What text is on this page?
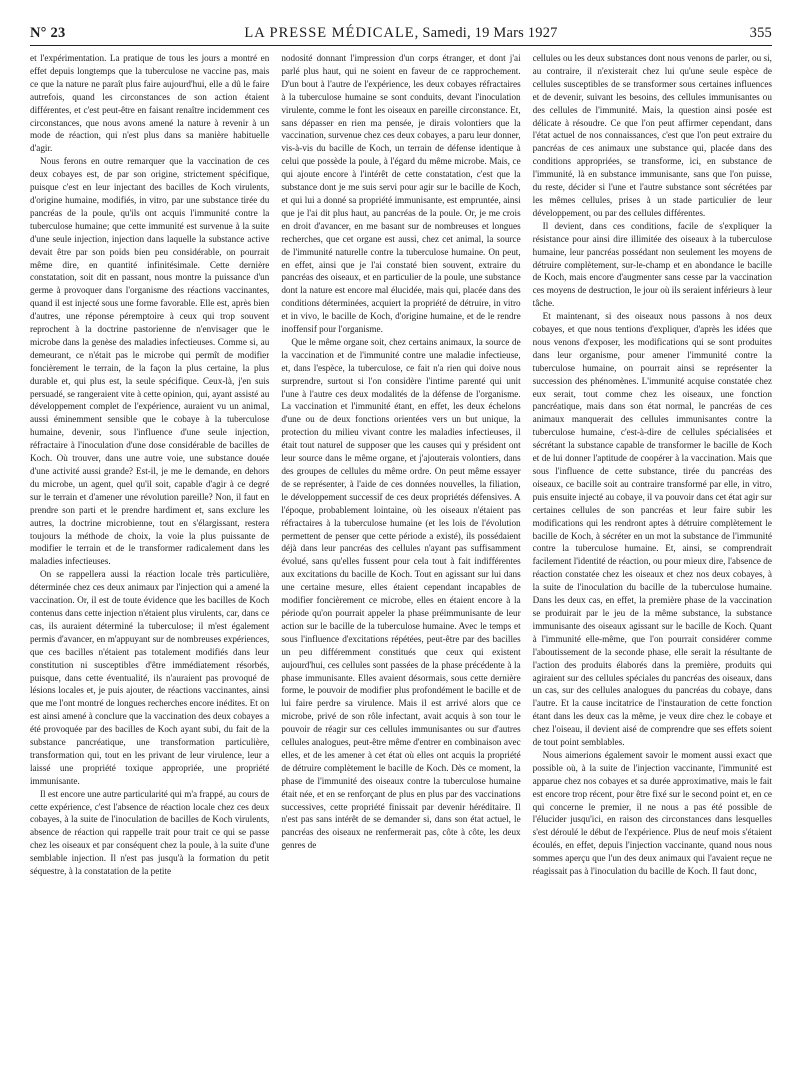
N° 23	LA PRESSE MÉDICALE, Samedi, 19 Mars 1927	355

et l'expérimentation. La pratique de tous les jours a montré en effet depuis longtemps que la tuberculose ne vaccine pas, mais ce que la nature ne paraît plus faire aujourd'hui, elle a dû le faire autrefois, quand les circonstances de son action étaient différentes, et c'est peut-être en faisant renaître incidemment ces circonstances, que nous avons amené la nature à revenir à un mode de réaction, qui n'est plus dans sa manière habituelle d'agir.

Nous ferons en outre remarquer que la vaccination de ces deux cobayes est, de par son origine, strictement spécifique, puisque c'est en leur injectant des bacilles de Koch virulents, d'origine humaine, modifiés, in vitro, par une substance tirée du pancréas de la poule, qu'ils ont acquis l'immunité contre la tuberculose humaine; que cette immunité est survenue à la suite d'une seule injection, injection dans laquelle la substance active devait être par son poids bien peu considérable, on pourrait même dire, en quantité infinitésimale. Cette dernière constatation, soit dit en passant, nous montre la puissance d'un germe à provoquer dans l'organisme des réactions vaccinantes, quand il est injecté sous une forme favorable. Elle est, après bien d'autres, une réponse péremptoire à ceux qui trop souvent reprochent à la doctrine pastorienne de n'envisager que le microbe dans la genèse des maladies infectieuses. Comme si, au demeurant, ce n'était pas le microbe qui permît de modifier foncièrement le terrain, de la façon la plus certaine, la plus durable et, qui plus est, la seule spécifique. Ceux-là, j'en suis persuadé, se rangeraient vite à cette opinion, qui, ayant assisté au développement complet de l'expérience, auraient vu un animal, aussi éminemment sensible que le cobaye à la tuberculose humaine, devenir, sous l'influence d'une seule injection, réfractaire à l'inoculation d'une dose considérable de bacilles de Koch. Où trouver, dans une autre voie, une substance douée d'une activité aussi grande? Est-il, je me le demande, en dehors du microbe, un agent, quel qu'il soit, capable d'agir à ce degré sur le terrain et d'amener une révolution pareille? Non, il faut en prendre son parti et le prendre hardiment et, sans exclure les autres, la doctrine microbienne, tout en s'élargissant, restera toujours la méthode de choix, la voie la plus puissante de modifier le terrain et de le transformer radicalement dans les maladies infectieuses.

On se rappellera aussi la réaction locale très particulière, déterminée chez ces deux animaux par l'injection qui a amené la vaccination. Or, il est de toute évidence que les bacilles de Koch contenus dans cette injection n'étaient plus virulents, car, dans ce cas, ils auraient déterminé la tuberculose; il m'est également permis d'avancer, en m'appuyant sur de nombreuses expériences, que ces bacilles n'étaient pas totalement modifiés dans leur constitution ni susceptibles d'être immédiatement résorbés, puisque, dans cette éventualité, ils n'auraient pas provoqué de lésions locales et, je puis ajouter, de réactions vaccinantes, ainsi que me l'ont montré de longues recherches encore inédites. Et on est ainsi amené à conclure que la vaccination des deux cobayes a été provoquée par des bacilles de Koch ayant subi, du fait de la substance pancréatique, une transformation particulière, transformation qui, tout en les privant de leur virulence, leur a laissé une propriété toxique appropriée, une propriété immunisante.

Il est encore une autre particularité qui m'a frappé, au cours de cette expérience, c'est l'absence de réaction locale chez ces deux cobayes, à la suite de l'inoculation de bacilles de Koch virulents, absence de réaction qui rappelle trait pour trait ce qui se passe chez les oiseaux et par conséquent chez la poule, à la suite d'une semblable injection. Il n'est pas jusqu'à la formation du petit séquestre, à la constatation de la petite

nodosité donnant l'impression d'un corps étranger, et dont j'ai parlé plus haut, qui ne soient en faveur de ce rapprochement. D'un bout à l'autre de l'expérience, les deux cobayes réfractaires à la tuberculose humaine se sont conduits, devant l'inoculation virulente, comme le font les oiseaux en pareille circonstance. Et, sans dépasser en rien ma pensée, je dirais volontiers que la vaccination, survenue chez ces deux cobayes, a paru leur donner, vis-à-vis du bacille de Koch, un terrain de défense identique à celui que possède la poule, à l'égard du même microbe. Mais, ce qui ajoute encore à l'intérêt de cette constatation, c'est que la substance dont je me suis servi pour agir sur le bacille de Koch, et qui lui a donné sa propriété immunisante, est empruntée, ainsi que je l'ai dit plus haut, au pancréas de la poule. Or, je me crois en droit d'avancer, en me basant sur de nombreuses et longues recherches, que cet organe est aussi, chez cet animal, la source de l'immunité naturelle contre la tuberculose humaine. On peut, en effet, ainsi que je l'ai constaté bien souvent, extraire du pancréas des oiseaux, et en particulier de la poule, une substance dont la nature est encore mal élucidée, mais qui, placée dans des conditions déterminées, acquiert la propriété de détruire, in vitro et in vivo, le bacille de Koch, d'origine humaine, et de le rendre inoffensif pour l'organisme.

Que le même organe soit, chez certains animaux, la source de la vaccination et de l'immunité contre une maladie infectieuse, et, dans l'espèce, la tuberculose, ce fait n'a rien qui doive nous surprendre, surtout si l'on considère l'intime parenté qui unit l'une à l'autre ces deux modalités de la défense de l'organisme. La vaccination et l'immunité étant, en effet, les deux échelons d'une ou de deux fonctions orientées vers un but unique, la protection du milieu vivant contre les maladies infectieuses, il était tout naturel de supposer que les causes qui y président ont leur source dans le même organe, et j'ajouterais volontiers, dans des groupes de cellules du même ordre. On peut même essayer de se représenter, à l'aide de ces données nouvelles, la filiation, le développement successif de ces deux propriétés défensives. A l'époque, probablement lointaine, où les oiseaux n'étaient pas réfractaires à la tuberculose humaine (et les lois de l'évolution permettent de penser que cette période a existé), ils possédaient déjà dans leur pancréas des cellules n'ayant pas suffisamment évolué, sans qu'elles fussent pour cela tout à fait indifférentes aux excitations du bacille de Koch. Tout en agissant sur lui dans une certaine mesure, elles étaient cependant incapables de modifier foncièrement ce microbe, elles en étaient encore à la période qu'on pourrait appeler la phase préimmunisante de leur action sur le bacille de la tuberculose humaine. Avec le temps et sous l'influence d'excitations répétées, peut-être par des bacilles un peu différemment constitués que ceux qui existent aujourd'hui, ces cellules sont passées de la phase précédente à la phase immunisante. Elles avaient désormais, sous cette dernière forme, le pouvoir de modifier plus profondément le bacille et de lui faire perdre sa virulence. Mais il est arrivé alors que ce microbe, privé de son rôle infectant, avait acquis à son tour le pouvoir de réagir sur ces cellules immunisantes ou sur d'autres cellules analogues, peut-être même d'entrer en combinaison avec elles, et de les amener à cet état où elles ont acquis la propriété de détruire complètement le bacille de Koch. Dès ce moment, la phase de l'immunité des oiseaux contre la tuberculose humaine était née, et en se renforçant de plus en plus par des vaccinations successives, cette propriété finissait par devenir héréditaire. Il n'est pas sans intérêt de se demander si, dans son état actuel, le pancréas des oiseaux ne renfermerait pas, côte à côte, les deux genres de

cellules ou les deux substances dont nous venons de parler, ou si, au contraire, il n'existerait chez lui qu'une seule espèce de cellules susceptibles de se transformer sous certaines influences et de devenir, suivant les besoins, des cellules immunisantes ou des cellules de l'immunité. Mais, la question ainsi posée est délicate à résoudre. Ce que l'on peut affirmer cependant, dans l'état actuel de nos connaissances, c'est que l'on peut extraire du pancréas de ces animaux une substance qui, placée dans des conditions appropriées, se transforme, ici, en substance de l'immunité, là en substance immunisante, sans que l'on puisse, du reste, décider si l'une et l'autre substance sont sécrétées par les mêmes cellules, prises à un stade particulier de leur développement, ou par des cellules différentes.

Il devient, dans ces conditions, facile de s'expliquer la résistance pour ainsi dire illimitée des oiseaux à la tuberculose humaine, leur pancréas possédant non seulement les moyens de détruire complètement, sur-le-champ et en abondance le bacille de Koch, mais encore d'augmenter sans cesse par la vaccination ces moyens de destruction, le jour où ils seraient inférieurs à leur tâche.

Et maintenant, si des oiseaux nous passons à nos deux cobayes, et que nous tentions d'expliquer, d'après les idées que nous venons d'exposer, les modifications qui se sont produites dans leur organisme, pour amener l'immunité contre la tuberculose humaine, on pourrait ainsi se représenter la succession des phénomènes. L'immunité acquise constatée chez eux serait, tout comme chez les oiseaux, une fonction pancréatique, mais dans son état normal, le pancréas de ces animaux manquerait des cellules immunisantes contre la tuberculose humaine, c'est-à-dire de cellules spécialisées et sécrétant la substance capable de transformer le bacille de Koch et de lui donner l'aptitude de coopérer à la vaccination. Mais que sous l'influence de cette substance, tirée du pancréas des oiseaux, ce bacille soit au contraire transformé par elle, in vitro, puis ensuite injecté au cobaye, il va pouvoir dans cet état agir sur certaines cellules de son pancréas et leur faire subir les modifications qui les rendront aptes à détruire complètement le bacille de Koch, à sécréter en un mot la substance de l'immunité contre la tuberculose humaine. Et, ainsi, se comprendrait facilement l'identité de réaction, ou pour mieux dire, l'absence de réaction constatée chez les oiseaux et chez nos deux cobayes, à la suite de l'inoculation du bacille de la tuberculose humaine. Dans les deux cas, en effet, la première phase de la vaccination se produirait par le jeu de la même substance, la substance immunisante des oiseaux agissant sur le bacille de Koch. Quant à l'immunité elle-même, que l'on pourrait considérer comme l'aboutissement de la seconde phase, elle serait la résultante de l'action des produits élaborés dans la première, produits qui agiraient sur des cellules spéciales du pancréas des oiseaux, dans un cas, sur des cellules analogues du pancréas du cobaye, dans l'autre. Et la cause incitatrice de l'instauration de cette fonction étant dans les deux cas la même, je veux dire chez le cobaye et chez l'oiseau, il devient aisé de comprendre que ses effets soient de tout point semblables.

Nous aimerions également savoir le moment aussi exact que possible où, à la suite de l'injection vaccinante, l'immunité est apparue chez nos cobayes et sa durée approximative, mais le fait est encore trop récent, pour être fixé sur le second point et, en ce qui concerne le premier, il ne nous a pas été possible de l'élucider jusqu'ici, en raison des circonstances dans lesquelles s'est déroulé le début de l'expérience. Plus de neuf mois s'étaient écoulés, en effet, depuis l'injection vaccinante, quand nous nous sommes aperçu que l'un des deux animaux qui l'avaient reçue ne réagissait pas à l'inoculation du bacille de Koch. Il faut donc,
